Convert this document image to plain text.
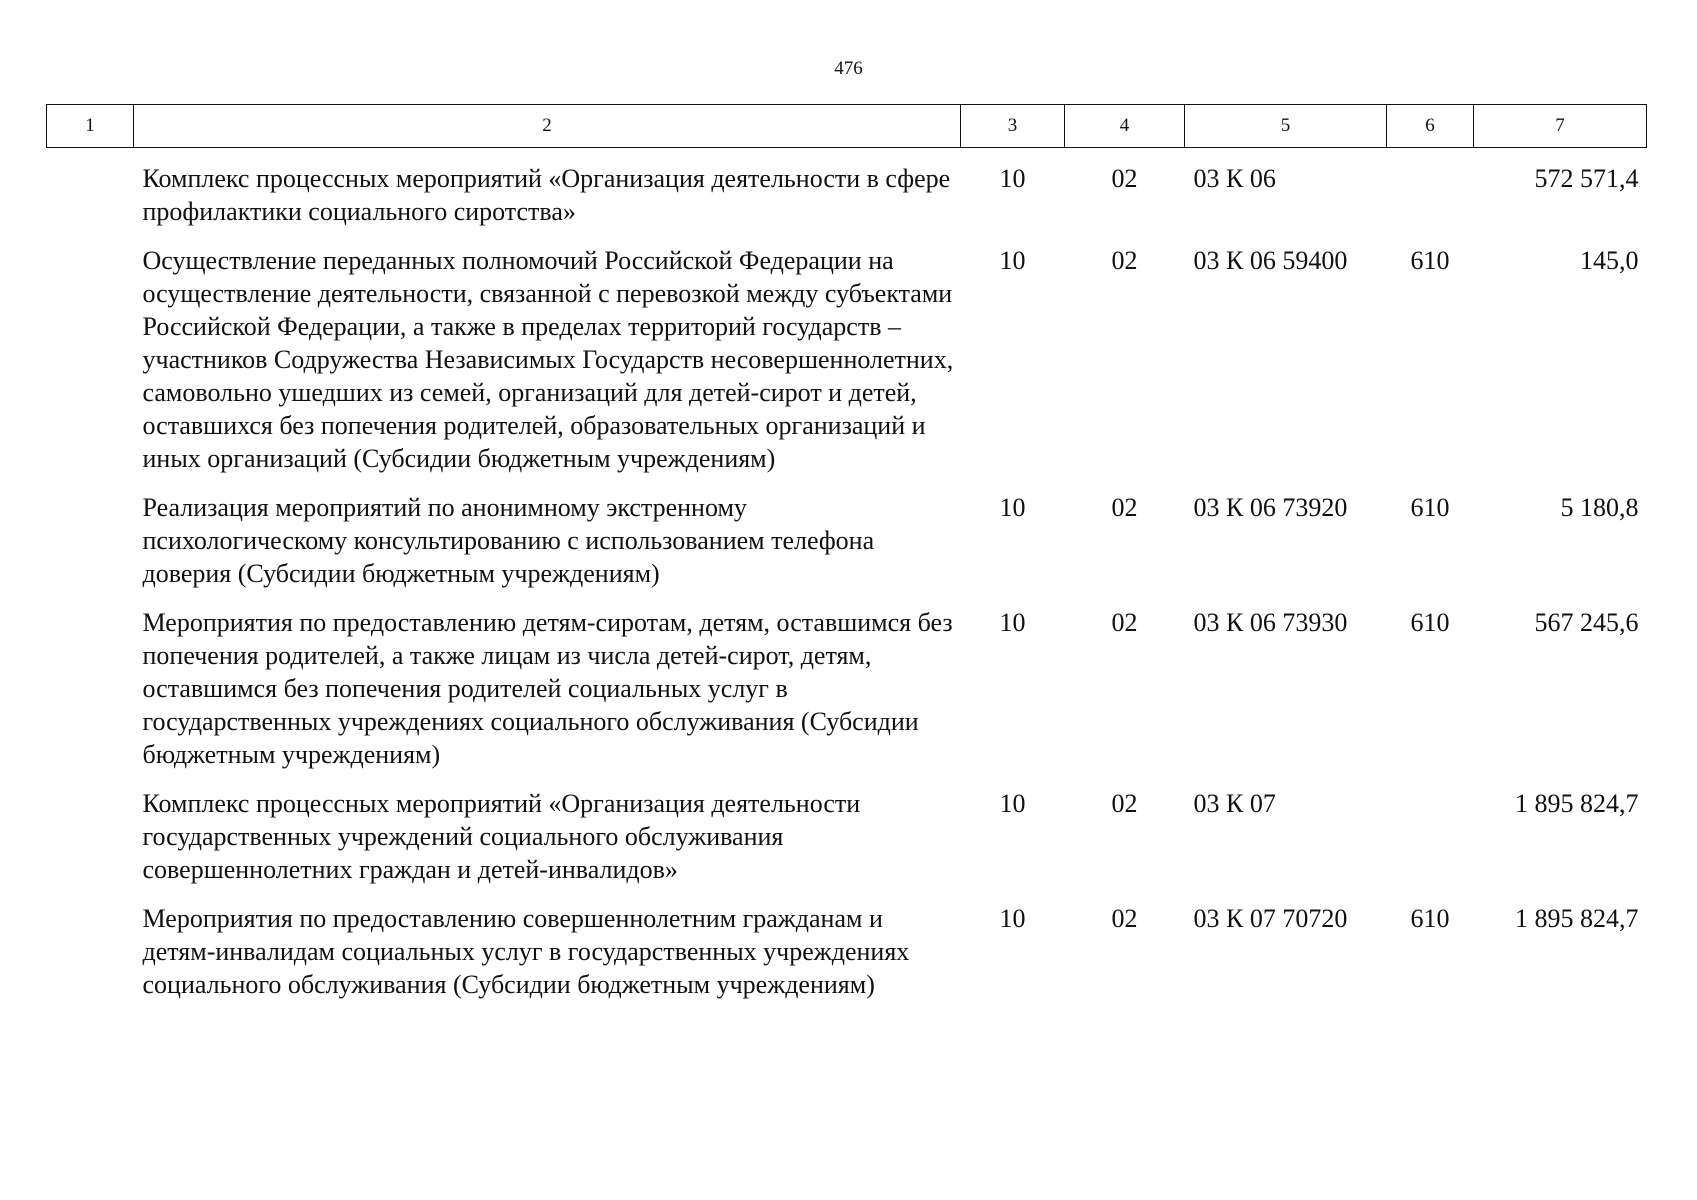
476
1	2	3	4	5	6	7
	Комплекс процессных мероприятий «Организация деятельности в сфере профилактики социального сиротства»	10	02	03 К 06		572 571,4
	Осуществление переданных полномочий Российской Федерации на осуществление деятельности, связанной с перевозкой между субъектами Российской Федерации, а также в пределах территорий государств – участников Содружества Независимых Государств несовершеннолетних, самовольно ушедших из семей, организаций для детей-сирот и детей, оставшихся без попечения родителей, образовательных организаций и иных организаций (Субсидии бюджетным учреждениям)	10	02	03 К 06 59400	610	145,0
	Реализация мероприятий по анонимному экстренному психологическому консультированию с использованием телефона доверия (Субсидии бюджетным учреждениям)	10	02	03 К 06 73920	610	5 180,8
	Мероприятия по предоставлению детям-сиротам, детям, оставшимся без попечения родителей, а также лицам из числа детей-сирот, детям, оставшимся без попечения родителей социальных услуг в государственных учреждениях социального обслуживания (Субсидии бюджетным учреждениям)	10	02	03 К 06 73930	610	567 245,6
	Комплекс процессных мероприятий «Организация деятельности государственных учреждений социального обслуживания совершеннолетних граждан и детей-инвалидов»	10	02	03 К 07		1 895 824,7
	Мероприятия по предоставлению совершеннолетним гражданам и детям-инвалидам социальных услуг в государственных учреждениях социального обслуживания (Субсидии бюджетным учреждениям)	10	02	03 К 07 70720	610	1 895 824,7
